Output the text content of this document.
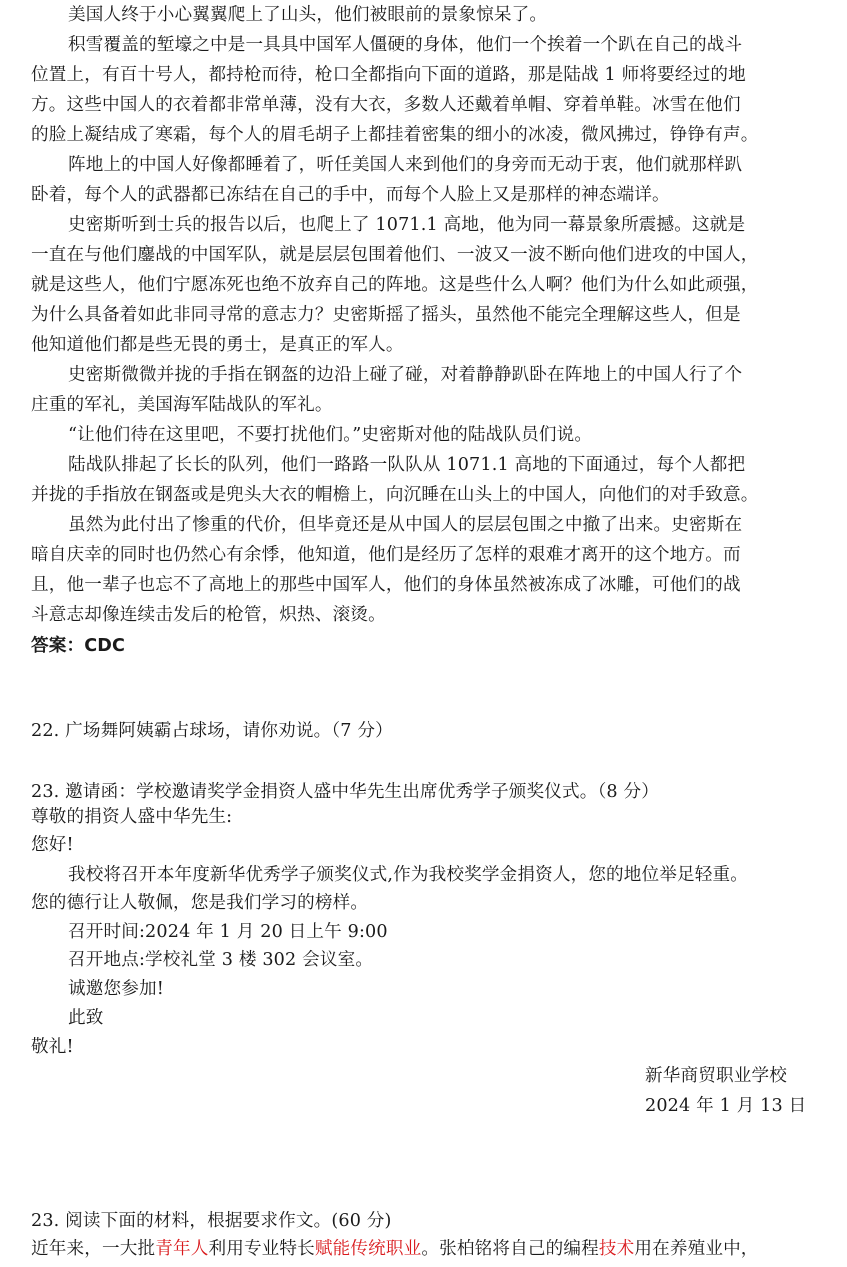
美国人终于小心翼翼爬上了山头，他们被眼前的景象惊呆了。
积雪覆盖的堑壕之中是一具具中国军人僵硬的身体，他们一个挨着一个趴在自己的战斗
位置上，有百十号人，都持枪而待，枪口全都指向下面的道路，那是陆战 1 师将要经过的地
方。这些中国人的衣着都非常单薄，没有大衣，多数人还戴着单帽、穿着单鞋。冰雪在他们
的脸上凝结成了寒霜，每个人的眉毛胡子上都挂着密集的细小的冰凌，微风拂过，铮铮有声。
阵地上的中国人好像都睡着了，听任美国人来到他们的身旁而无动于衷，他们就那样趴
卧着，每个人的武器都已冻结在自己的手中，而每个人脸上又是那样的神态端详。
史密斯听到士兵的报告以后，也爬上了 1071.1 高地，他为同一幕景象所震撼。这就是
一直在与他们鏖战的中国军队，就是层层包围着他们、一波又一波不断向他们进攻的中国人，
就是这些人，他们宁愿冻死也绝不放弃自己的阵地。这是些什么人啊？他们为什么如此顽强，
为什么具备着如此非同寻常的意志力？史密斯摇了摇头，虽然他不能完全理解这些人，但是
他知道他们都是些无畏的勇士，是真正的军人。
史密斯微微并拢的手指在钢盔的边沿上碰了碰，对着静静趴卧在阵地上的中国人行了个
庄重的军礼，美国海军陆战队的军礼。
“让他们待在这里吧，不要打扰他们。”史密斯对他的陆战队员们说。
陆战队排起了长长的队列，他们一路路一队队从 1071.1 高地的下面通过，每个人都把
并拢的手指放在钢盔或是兜头大衣的帽檐上，向沉睡在山头上的中国人，向他们的对手致意。
虽然为此付出了惨重的代价，但毕竟还是从中国人的层层包围之中撤了出来。史密斯在
暗自庆幸的同时也仍然心有余悸，他知道，他们是经历了怎样的艰难才离开的这个地方。而
且，他一辈子也忘不了高地上的那些中国军人，他们的身体虽然被冻成了冰雕，可他们的战
斗意志却像连续击发后的枪管，炽热、滚烫。
答案：CDC
22. 广场舞阿姨霸占球场，请你劝说。（7 分）
23. 邀请函：学校邀请奖学金捐资人盛中华先生出席优秀学子颁奖仪式。（8 分）
尊敬的捐资人盛中华先生:
您好!
我校将召开本年度新华优秀学子颁奖仪式,作为我校奖学金捐资人，您的地位举足轻重。
您的德行让人敬佩，您是我们学习的榜样。
召开时间:2024 年 1 月 20 日上午 9:00
召开地点:学校礼堂 3 楼 302 会议室。
诚邀您参加!
此致
敬礼!
新华商贸职业学校
2024 年 1 月 13 日
23. 阅读下面的材料，根据要求作文。(60 分)
近年来，一大批青年人利用专业特长赋能传统职业。张柏铭将自己的编程技术用在养殖业中，
